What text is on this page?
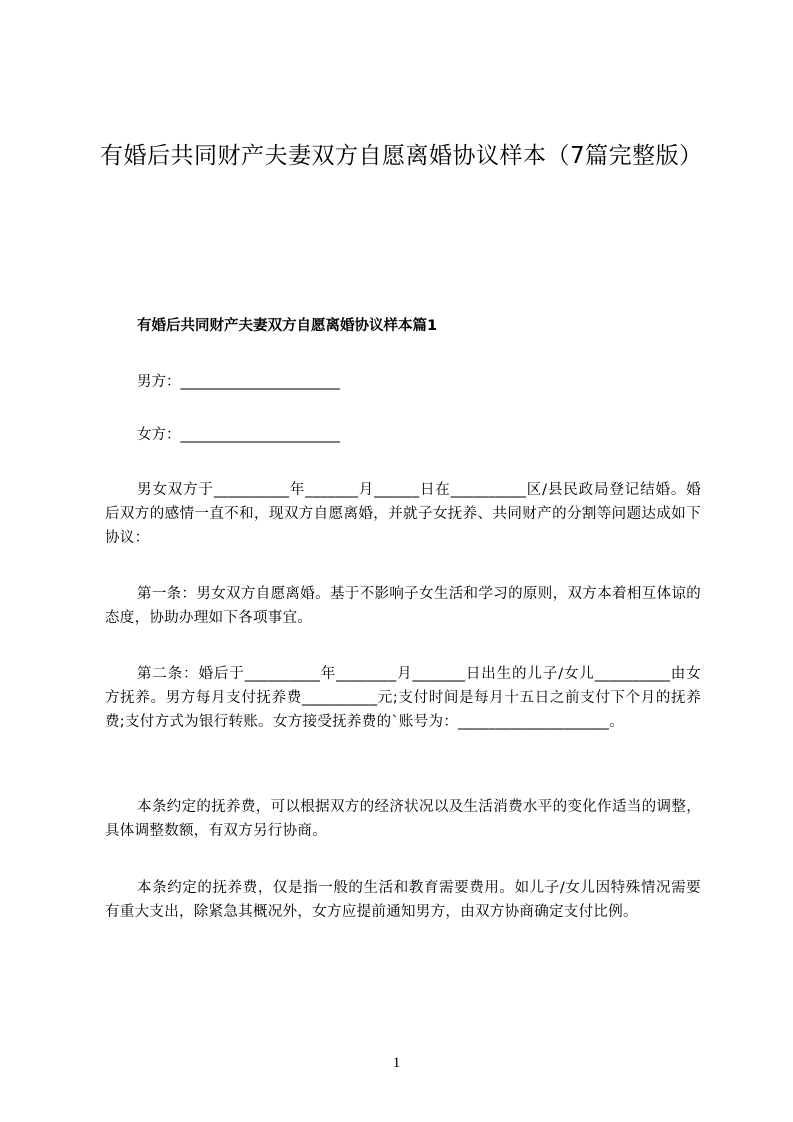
有婚后共同财产夫妻双方自愿离婚协议样本（7篇完整版）

有婚后共同财产夫妻双方自愿离婚协议样本篇1

男方：______________________

女方：______________________

男女双方于__________年_______月______日在__________区/县民政局登记结婚。婚后双方的感情一直不和，现双方自愿离婚，并就子女抚养、共同财产的分割等问题达成如下协议：

第一条：男女双方自愿离婚。基于不影响子女生活和学习的原则，双方本着相互体谅的态度，协助办理如下各项事宜。

第二条：婚后于__________年________月_______日出生的儿子/女儿__________由女方抚养。男方每月支付抚养费__________元;支付时间是每月十五日之前支付下个月的抚养费;支付方式为银行转账。女方接受抚养费的`账号为：____________________。

本条约定的抚养费，可以根据双方的经济状况以及生活消费水平的变化作适当的调整，具体调整数额，有双方另行协商。

本条约定的抚养费，仅是指一般的生活和教育需要费用。如儿子/女儿因特殊情况需要有重大支出，除紧急其概况外，女方应提前通知男方，由双方协商确定支付比例。

1
